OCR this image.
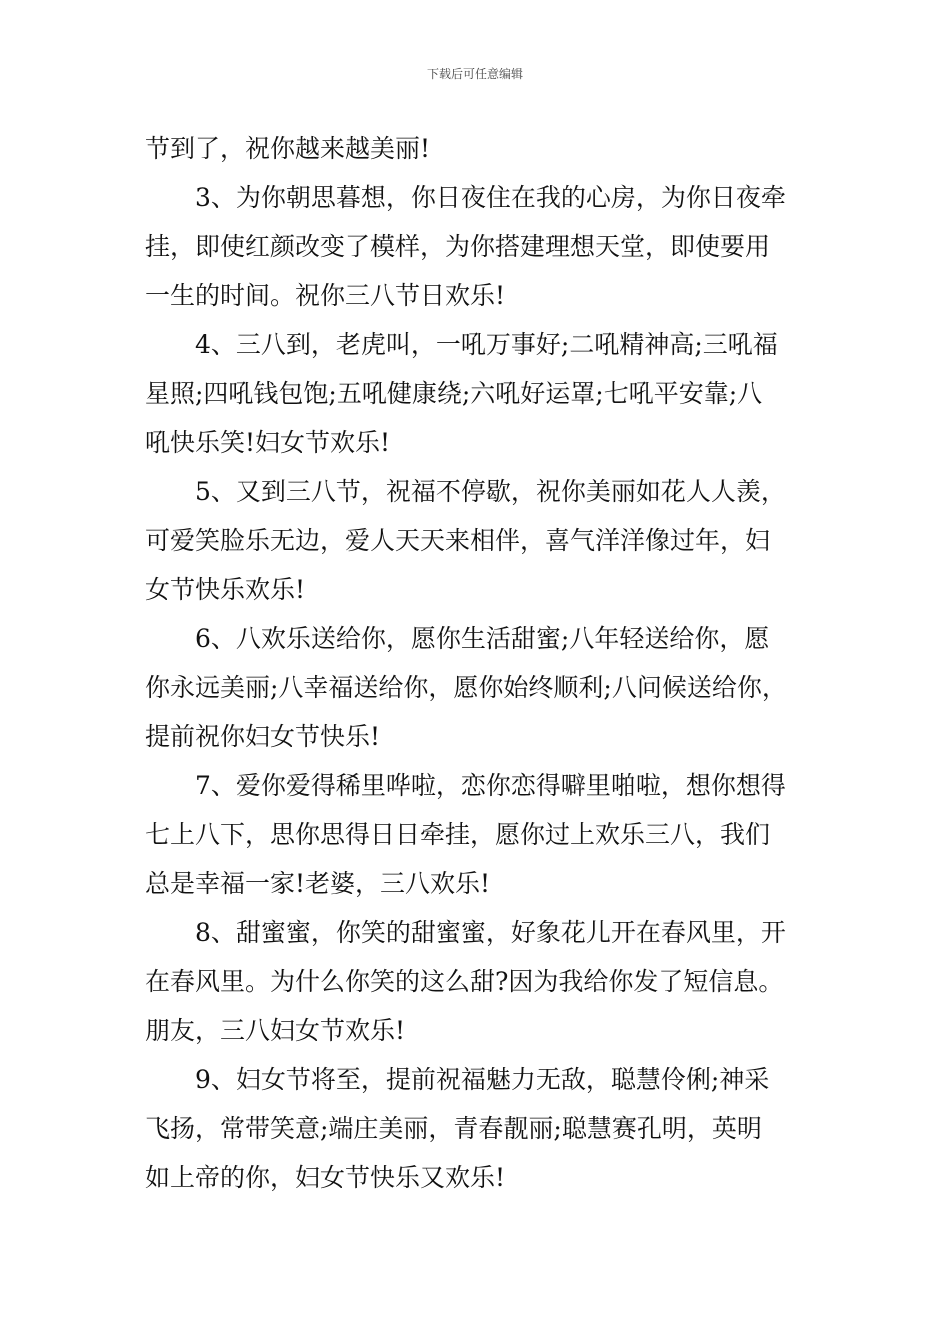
下载后可任意编辑
节到了，祝你越来越美丽!
3、为你朝思暮想，你日夜住在我的心房，为你日夜牵
挂，即使红颜改变了模样，为你搭建理想天堂，即使要用
一生的时间。祝你三八节日欢乐!
4、三八到，老虎叫，一吼万事好;二吼精神高;三吼福
星照;四吼钱包饱;五吼健康绕;六吼好运罩;七吼平安靠;八
吼快乐笑!妇女节欢乐!
5、又到三八节，祝福不停歇，祝你美丽如花人人羡，
可爱笑脸乐无边，爱人天天来相伴，喜气洋洋像过年，妇
女节快乐欢乐!
6、八欢乐送给你，愿你生活甜蜜;八年轻送给你，愿
你永远美丽;八幸福送给你，愿你始终顺利;八问候送给你，
提前祝你妇女节快乐!
7、爱你爱得稀里哗啦，恋你恋得噼里啪啦，想你想得
七上八下，思你思得日日牵挂，愿你过上欢乐三八，我们
总是幸福一家!老婆，三八欢乐!
8、甜蜜蜜，你笑的甜蜜蜜，好象花儿开在春风里，开
在春风里。为什么你笑的这么甜?因为我给你发了短信息。
朋友，三八妇女节欢乐!
9、妇女节将至，提前祝福魅力无敌，聪慧伶俐;神采
飞扬，常带笑意;端庄美丽，青春靓丽;聪慧赛孔明，英明
如上帝的你，妇女节快乐又欢乐!
